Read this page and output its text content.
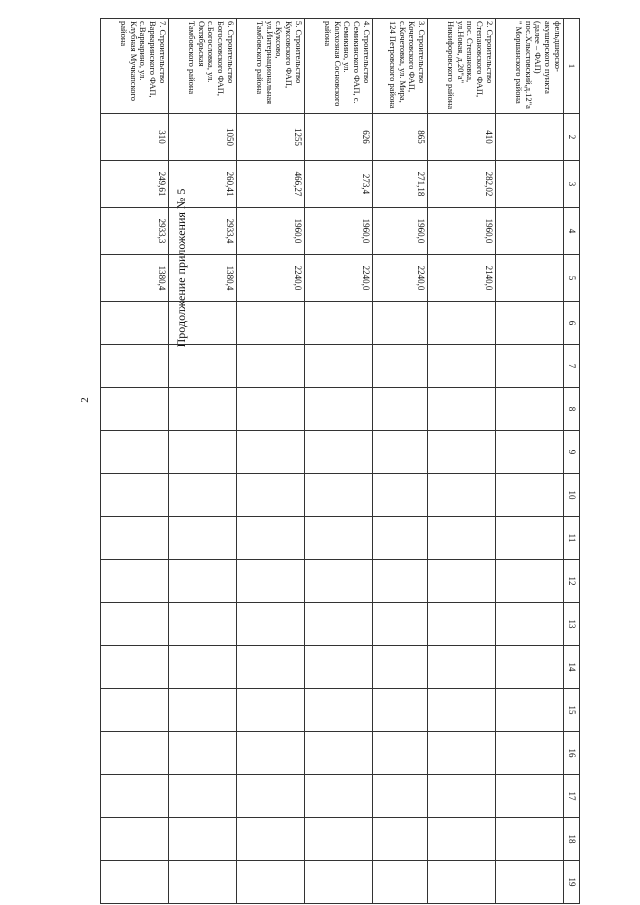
2
Продолжение приложения № 5
1	2	3	4	5	6	7	8	9	10	11	12	13	14	15	16	17	18	19
фельдшерско-акушерского пункта (далее – ФАП) пос.Хлыстовский,д.12"а" Моршанского района																		
2. Строительство Степановского ФАП, пос. Степановка, ул.Новая, д.20"а" Никифоровского района	410	282,02	1960,0	2140,0														
3. Строительство Кочетовского ФАП, с.Кочетовка, ул. Мира, 124 Петровского района	865	271,18	1960,0	2240,0														
4. Строительство Семикинского ФАП, с. Семикино, ул. Колхозная Сосновского района	626	273,4	1960,0	2240,0														
5. Строительство Куксовского ФАП, с.Куксово, ул.Интернациональная Тамбовского района	1255	466,27	1960,0	2240,0														
6. Строительство Богословского ФАП, с.Богословка, ул. Октябрьская Тамбовского района	1050	260,41	2933,4	1380,4														
7. Строительство Варваринского ФАП, с.Варварино, ул. Клубная Мучкапского района	310	249,61	2933,3	1380,4														
